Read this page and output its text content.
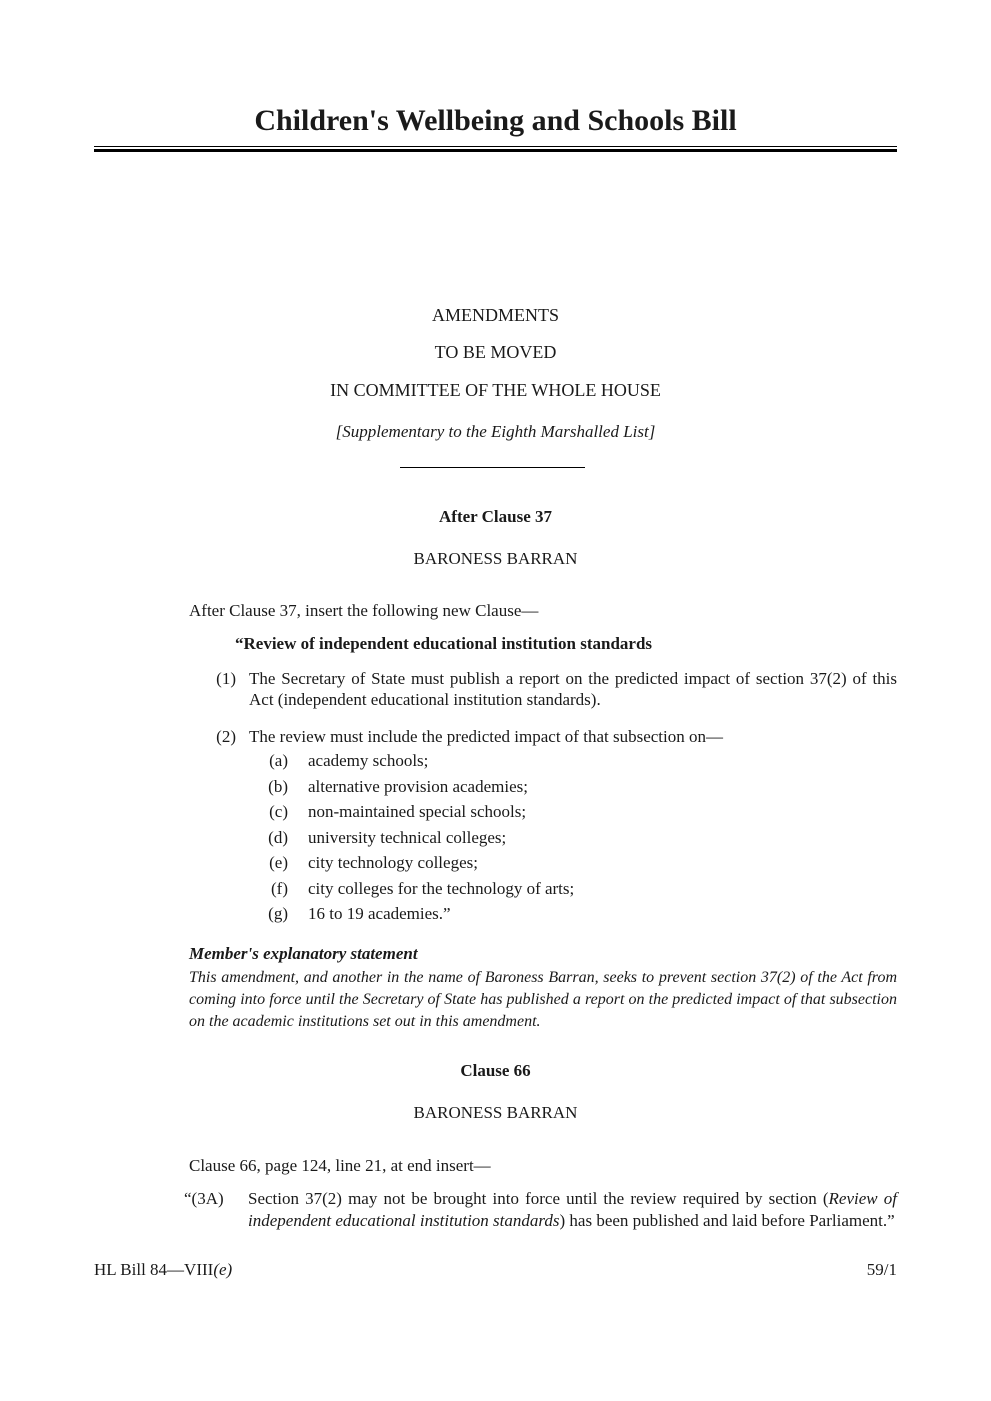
Children's Wellbeing and Schools Bill
AMENDMENTS
TO BE MOVED
IN COMMITTEE OF THE WHOLE HOUSE
[Supplementary to the Eighth Marshalled List]
After Clause 37
BARONESS BARRAN
After Clause 37, insert the following new Clause—
“Review of independent educational institution standards
(1) The Secretary of State must publish a report on the predicted impact of section 37(2) of this Act (independent educational institution standards).
(2) The review must include the predicted impact of that subsection on—
(a) academy schools;
(b) alternative provision academies;
(c) non-maintained special schools;
(d) university technical colleges;
(e) city technology colleges;
(f) city colleges for the technology of arts;
(g) 16 to 19 academies.”
Member's explanatory statement
This amendment, and another in the name of Baroness Barran, seeks to prevent section 37(2) of the Act from coming into force until the Secretary of State has published a report on the predicted impact of that subsection on the academic institutions set out in this amendment.
Clause 66
BARONESS BARRAN
Clause 66, page 124, line 21, at end insert—
“(3A) Section 37(2) may not be brought into force until the review required by section (Review of independent educational institution standards) has been published and laid before Parliament.”
HL Bill 84—VIII(e)	59/1
